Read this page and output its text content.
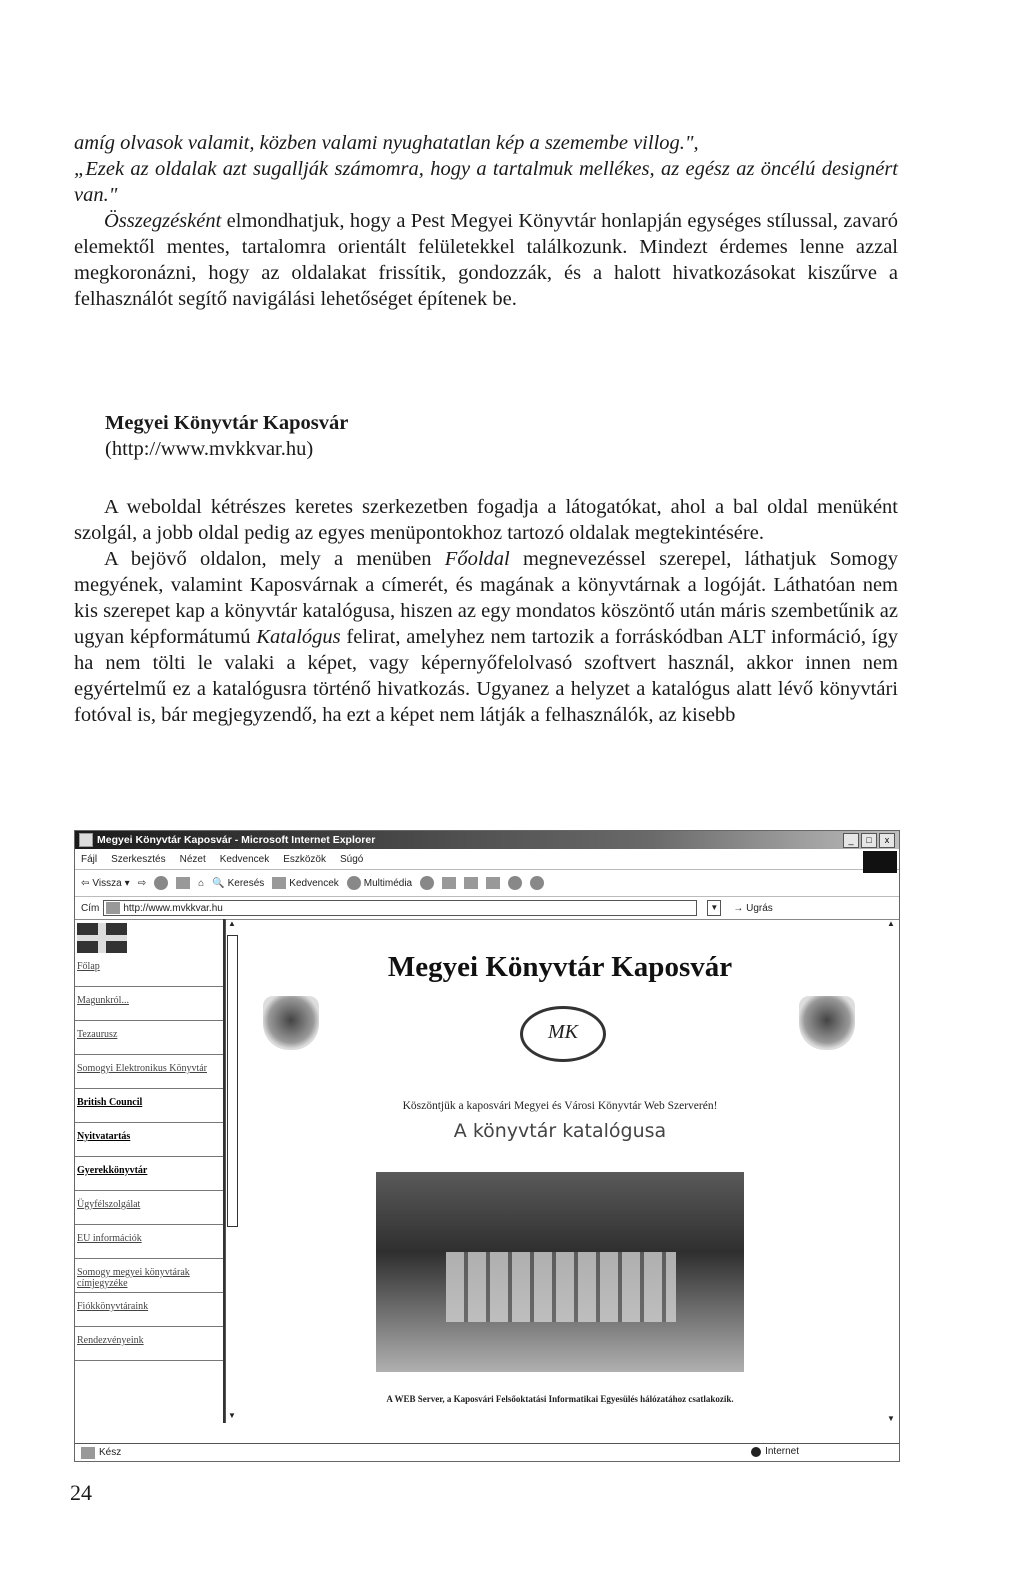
amíg olvasok valamit, közben valami nyughatatlan kép a szemembe villog.",

„Ezek az oldalak azt sugallják számomra, hogy a tartalmuk mellékes, az egész az öncélú designért van."

Összegzésként elmondhatjuk, hogy a Pest Megyei Könyvtár honlapján egységes stílussal, zavaró elemektől mentes, tartalomra orientált felületekkel találkozunk. Mindezt érdemes lenne azzal megkoronázni, hogy az oldalakat frissítik, gondozzák, és a halott hivatkozásokat kiszűrve a felhasználót segítő navigálási lehetőséget építenek be.

Megyei Könyvtár Kaposvár
(http://www.mvkkvar.hu)

A weboldal kétrészes keretes szerkezetben fogadja a látogatókat, ahol a bal oldal menüként szolgál, a jobb oldal pedig az egyes menüpontokhoz tartozó oldalak megtekintésére.

A bejövő oldalon, mely a menüben Főoldal megnevezéssel szerepel, láthatjuk Somogy megyének, valamint Kaposvárnak a címerét, és magának a könyvtárnak a logóját. Láthatóan nem kis szerepet kap a könyvtár katalógusa, hiszen az egy mondatos köszöntő után máris szembetűnik az ugyan képformátumú Katalógus felirat, amelyhez nem tartozik a forráskódban ALT információ, így ha nem tölti le valaki a képet, vagy képernyőfelolvasó szoftvert használ, akkor innen nem egyértelmű ez a katalógusra történő hivatkozás. Ugyanez a helyzet a katalógus alatt lévő könyvtári fotóval is, bár megjegyzendő, ha ezt a képet nem látják a felhasználók, az kisebb

Megyei Könyvtár Kaposvár - Microsoft Internet Explorer	_	□	x
Fájl Szerkesztés Nézet Kedvencek Eszközök Súgó
⇦ Vissza ▾ ⇨	⌂ 🔍 Keresés	Kedvencek	Multimédia
Cím http://www.mvkkvar.hu	▼	→ Ugrás
Főlap
Magunkról...
Tezaurusz
Somogyi Elektronikus Könyvtár
British Council
Nyitvatartás
Gyerekkönyvtár
Ügyfélszolgálat
EU információk
Somogy megyei könyvtárak címjegyzéke
Fiókkönyvtáraink
Rendezvényeink
▲
▼
Megyei Könyvtár Kaposvár
MK
Köszöntjük a kaposvári Megyei és Városi Könyvtár Web Szerverén!
A könyvtár katalógusa
A WEB Server, a Kaposvári Felsőoktatási Informatikai Egyesülés hálózatához csatlakozik.
▲
▼
Kész	Internet
24
